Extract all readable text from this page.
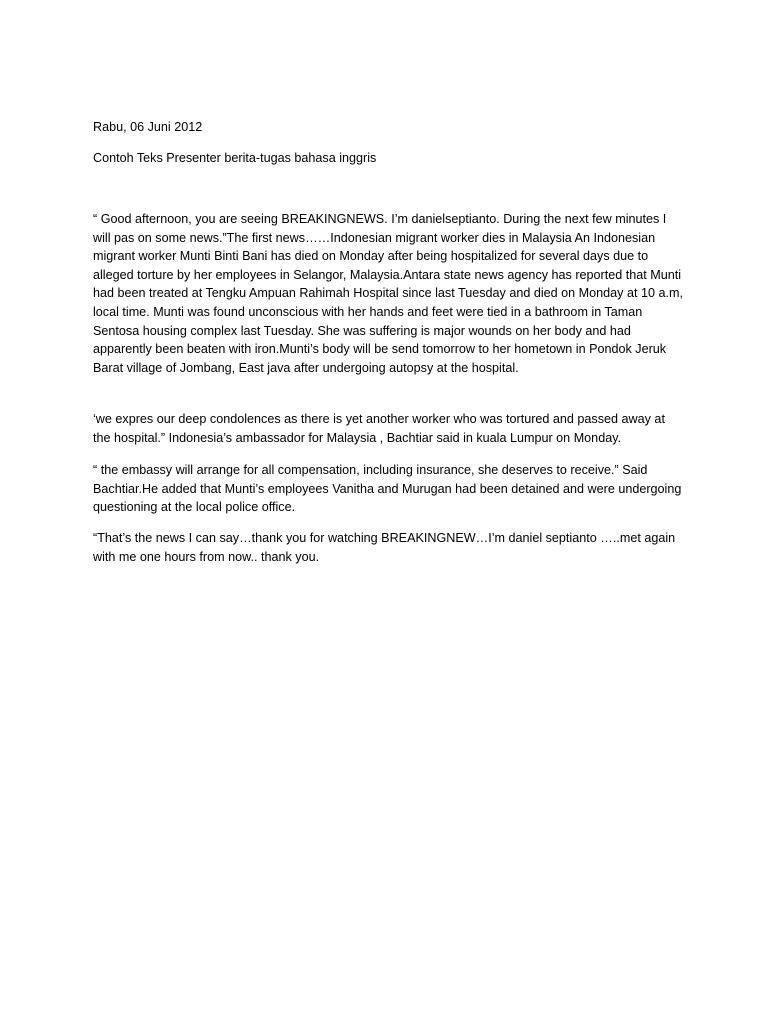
Rabu, 06 Juni 2012

Contoh Teks Presenter berita-tugas bahasa inggris

“ Good afternoon, you are seeing BREAKINGNEWS. I’m danielseptianto. During the next few minutes I will pas on some news.”The first news……Indonesian migrant worker dies in Malaysia An Indonesian migrant worker Munti Binti Bani has died on Monday after being hospitalized for several days due to alleged torture by her employees in Selangor, Malaysia.Antara state news agency has reported that Munti had been treated at Tengku Ampuan Rahimah Hospital since last Tuesday and died on Monday at 10 a.m, local time. Munti was found unconscious with her hands and feet were tied in a bathroom in Taman Sentosa housing complex last Tuesday. She was suffering is major wounds on her body and had apparently been beaten with iron.Munti’s body will be send tomorrow to her hometown in Pondok Jeruk Barat village of Jombang, East java after undergoing autopsy at the hospital.

‘we expres our deep condolences as there is yet another worker who was tortured and passed away at the hospital.” Indonesia’s ambassador for Malaysia , Bachtiar said in kuala Lumpur on Monday.

“ the embassy will arrange for all compensation, including insurance, she deserves to receive.” Said Bachtiar.He added that Munti’s employees Vanitha and Murugan had been detained and were undergoing questioning at the local police office.

“That’s the news I can say…thank you for watching BREAKINGNEW…I’m daniel septianto …..met again with me one hours from now.. thank you.
